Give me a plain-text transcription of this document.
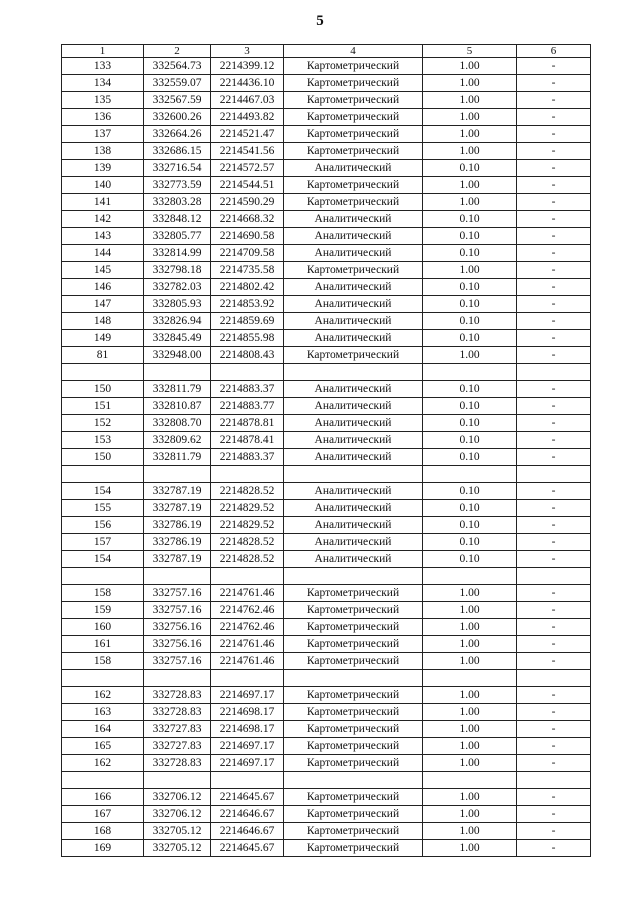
5
1	2	3	4	5	6
133	332564.73	2214399.12	Картометрический	1.00	-
134	332559.07	2214436.10	Картометрический	1.00	-
135	332567.59	2214467.03	Картометрический	1.00	-
136	332600.26	2214493.82	Картометрический	1.00	-
137	332664.26	2214521.47	Картометрический	1.00	-
138	332686.15	2214541.56	Картометрический	1.00	-
139	332716.54	2214572.57	Аналитический	0.10	-
140	332773.59	2214544.51	Картометрический	1.00	-
141	332803.28	2214590.29	Картометрический	1.00	-
142	332848.12	2214668.32	Аналитический	0.10	-
143	332805.77	2214690.58	Аналитический	0.10	-
144	332814.99	2214709.58	Аналитический	0.10	-
145	332798.18	2214735.58	Картометрический	1.00	-
146	332782.03	2214802.42	Аналитический	0.10	-
147	332805.93	2214853.92	Аналитический	0.10	-
148	332826.94	2214859.69	Аналитический	0.10	-
149	332845.49	2214855.98	Аналитический	0.10	-
81	332948.00	2214808.43	Картометрический	1.00	-

150	332811.79	2214883.37	Аналитический	0.10	-
151	332810.87	2214883.77	Аналитический	0.10	-
152	332808.70	2214878.81	Аналитический	0.10	-
153	332809.62	2214878.41	Аналитический	0.10	-
150	332811.79	2214883.37	Аналитический	0.10	-

154	332787.19	2214828.52	Аналитический	0.10	-
155	332787.19	2214829.52	Аналитический	0.10	-
156	332786.19	2214829.52	Аналитический	0.10	-
157	332786.19	2214828.52	Аналитический	0.10	-
154	332787.19	2214828.52	Аналитический	0.10	-

158	332757.16	2214761.46	Картометрический	1.00	-
159	332757.16	2214762.46	Картометрический	1.00	-
160	332756.16	2214762.46	Картометрический	1.00	-
161	332756.16	2214761.46	Картометрический	1.00	-
158	332757.16	2214761.46	Картометрический	1.00	-

162	332728.83	2214697.17	Картометрический	1.00	-
163	332728.83	2214698.17	Картометрический	1.00	-
164	332727.83	2214698.17	Картометрический	1.00	-
165	332727.83	2214697.17	Картометрический	1.00	-
162	332728.83	2214697.17	Картометрический	1.00	-

166	332706.12	2214645.67	Картометрический	1.00	-
167	332706.12	2214646.67	Картометрический	1.00	-
168	332705.12	2214646.67	Картометрический	1.00	-
169	332705.12	2214645.67	Картометрический	1.00	-
